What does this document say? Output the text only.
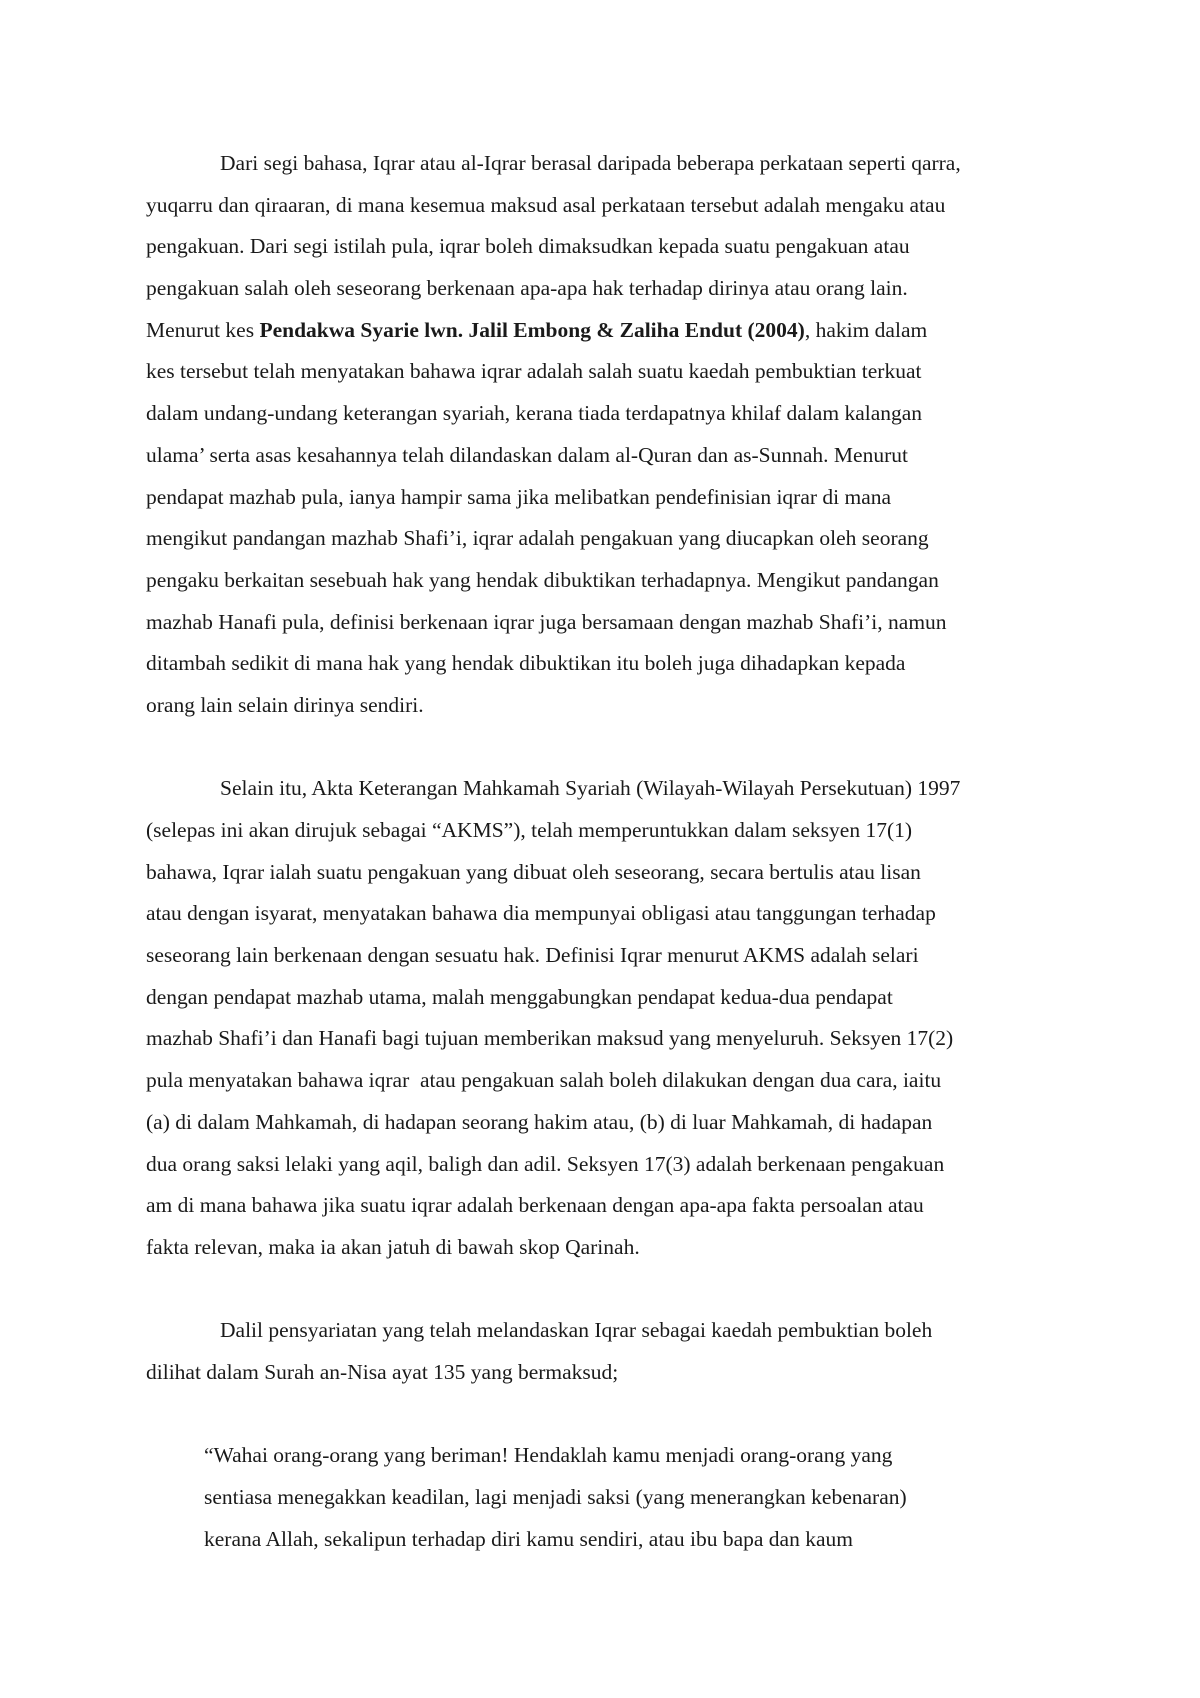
Dari segi bahasa, Iqrar atau al-Iqrar berasal daripada beberapa perkataan seperti qarra,
yuqarru dan qiraaran, di mana kesemua maksud asal perkataan tersebut adalah mengaku atau
pengakuan. Dari segi istilah pula, iqrar boleh dimaksudkan kepada suatu pengakuan atau
pengakuan salah oleh seseorang berkenaan apa-apa hak terhadap dirinya atau orang lain.
Menurut kes Pendakwa Syarie lwn. Jalil Embong & Zaliha Endut (2004), hakim dalam
kes tersebut telah menyatakan bahawa iqrar adalah salah suatu kaedah pembuktian terkuat
dalam undang-undang keterangan syariah, kerana tiada terdapatnya khilaf dalam kalangan
ulama’ serta asas kesahannya telah dilandaskan dalam al-Quran dan as-Sunnah. Menurut
pendapat mazhab pula, ianya hampir sama jika melibatkan pendefinisian iqrar di mana
mengikut pandangan mazhab Shafi’i, iqrar adalah pengakuan yang diucapkan oleh seorang
pengaku berkaitan sesebuah hak yang hendak dibuktikan terhadapnya. Mengikut pandangan
mazhab Hanafi pula, definisi berkenaan iqrar juga bersamaan dengan mazhab Shafi’i, namun
ditambah sedikit di mana hak yang hendak dibuktikan itu boleh juga dihadapkan kepada
orang lain selain dirinya sendiri.
Selain itu, Akta Keterangan Mahkamah Syariah (Wilayah-Wilayah Persekutuan) 1997
(selepas ini akan dirujuk sebagai “AKMS”), telah memperuntukkan dalam seksyen 17(1)
bahawa, Iqrar ialah suatu pengakuan yang dibuat oleh seseorang, secara bertulis atau lisan
atau dengan isyarat, menyatakan bahawa dia mempunyai obligasi atau tanggungan terhadap
seseorang lain berkenaan dengan sesuatu hak. Definisi Iqrar menurut AKMS adalah selari
dengan pendapat mazhab utama, malah menggabungkan pendapat kedua-dua pendapat
mazhab Shafi’i dan Hanafi bagi tujuan memberikan maksud yang menyeluruh. Seksyen 17(2)
pula menyatakan bahawa iqrar  atau pengakuan salah boleh dilakukan dengan dua cara, iaitu
(a) di dalam Mahkamah, di hadapan seorang hakim atau, (b) di luar Mahkamah, di hadapan
dua orang saksi lelaki yang aqil, baligh dan adil. Seksyen 17(3) adalah berkenaan pengakuan
am di mana bahawa jika suatu iqrar adalah berkenaan dengan apa-apa fakta persoalan atau
fakta relevan, maka ia akan jatuh di bawah skop Qarinah.
Dalil pensyariatan yang telah melandaskan Iqrar sebagai kaedah pembuktian boleh
dilihat dalam Surah an-Nisa ayat 135 yang bermaksud;
“Wahai orang-orang yang beriman! Hendaklah kamu menjadi orang-orang yang
sentiasa menegakkan keadilan, lagi menjadi saksi (yang menerangkan kebenaran)
kerana Allah, sekalipun terhadap diri kamu sendiri, atau ibu bapa dan kaum
